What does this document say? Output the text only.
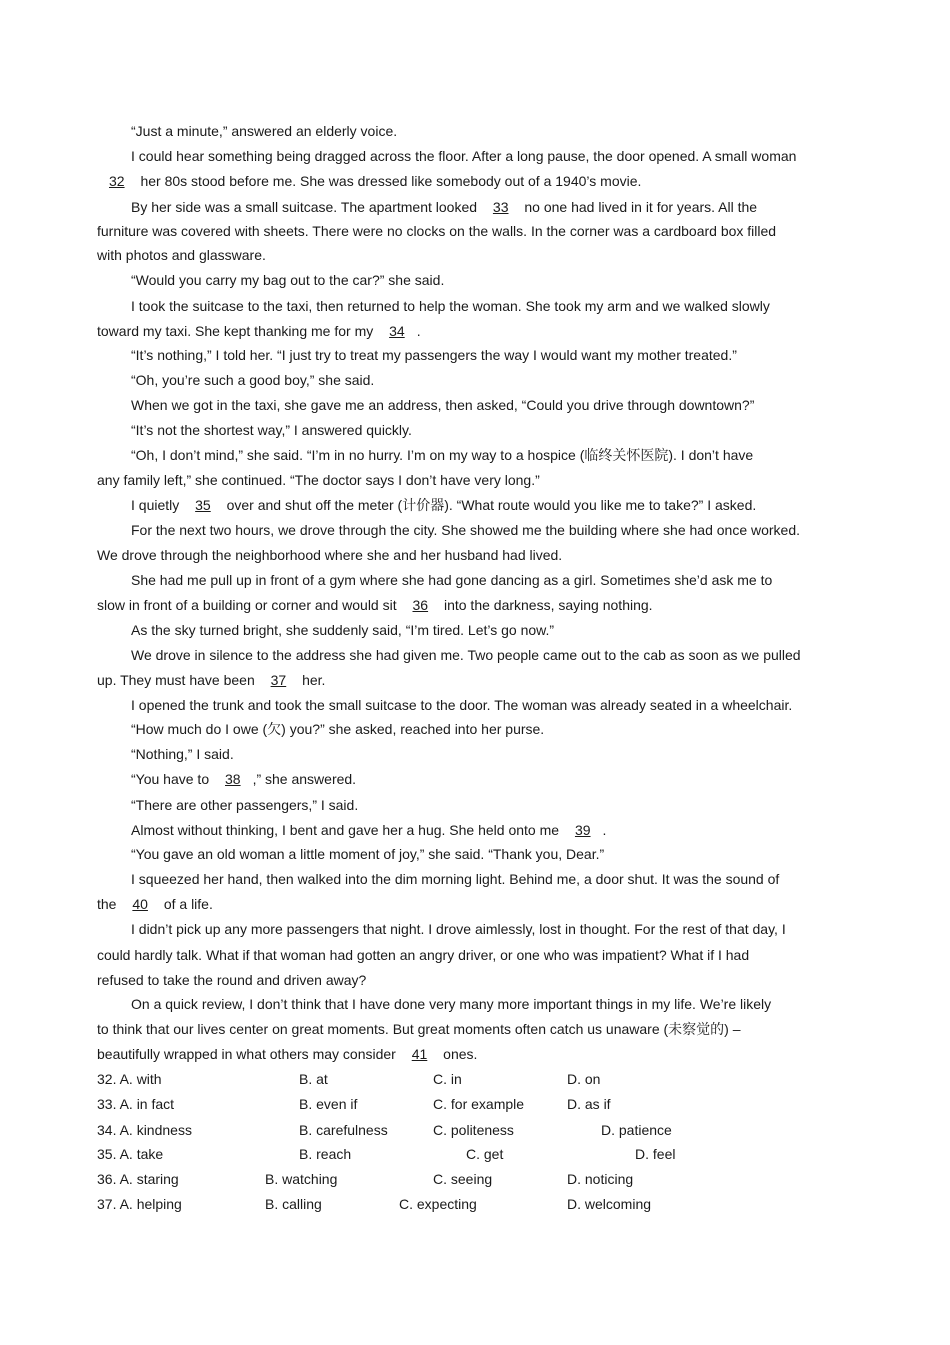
“Just a minute,” answered an elderly voice.
I could hear something being dragged across the floor. After a long pause, the door opened. A small woman
32 her 80s stood before me. She was dressed like somebody out of a 1940’s movie.
By her side was a small suitcase. The apartment looked 33 no one had lived in it for years. All the
furniture was covered with sheets. There were no clocks on the walls. In the corner was a cardboard box filled
with photos and glassware.
“Would you carry my bag out to the car?” she said.
I took the suitcase to the taxi, then returned to help the woman. She took my arm and we walked slowly
toward my taxi. She kept thanking me for my 34 .
“It’s nothing,” I told her. “I just try to treat my passengers the way I would want my mother treated.”
“Oh, you’re such a good boy,” she said.
When we got in the taxi, she gave me an address, then asked, “Could you drive through downtown?”
“It’s not the shortest way,” I answered quickly.
“Oh, I don’t mind,” she said. “I’m in no hurry. I’m on my way to a hospice (临终关怀医院). I don’t have
any family left,” she continued. “The doctor says I don’t have very long.”
I quietly 35 over and shut off the meter (计价器). “What route would you like me to take?” I asked.
For the next two hours, we drove through the city. She showed me the building where she had once worked.
We drove through the neighborhood where she and her husband had lived.
She had me pull up in front of a gym where she had gone dancing as a girl. Sometimes she’d ask me to
slow in front of a building or corner and would sit 36 into the darkness, saying nothing.
As the sky turned bright, she suddenly said, “I’m tired. Let’s go now.”
We drove in silence to the address she had given me. Two people came out to the cab as soon as we pulled
up. They must have been 37 her.
I opened the trunk and took the small suitcase to the door. The woman was already seated in a wheelchair.
“How much do I owe (欠) you?” she asked, reached into her purse.
“Nothing,” I said.
“You have to 38 ,” she answered.
“There are other passengers,” I said.
Almost without thinking, I bent and gave her a hug. She held onto me 39 .
“You gave an old woman a little moment of joy,” she said. “Thank you, Dear.”
I squeezed her hand, then walked into the dim morning light. Behind me, a door shut. It was the sound of
the 40 of a life.
I didn’t pick up any more passengers that night. I drove aimlessly, lost in thought. For the rest of that day, I
could hardly talk. What if that woman had gotten an angry driver, or one who was impatient? What if I had
refused to take the round and driven away?
On a quick review, I don’t think that I have done very many more important things in my life. We’re likely
to think that our lives center on great moments. But great moments often catch us unaware (未察觉的) –
beautifully wrapped in what others may consider 41 ones.
32. A. with	B. at	C. in	D. on
33. A. in fact	B. even if	C. for example	D. as if
34. A. kindness	B. carefulness	C. politeness	D. patience
35. A. take	B. reach	C. get	D. feel
36. A. staring	B. watching	C. seeing	D. noticing
37. A. helping	B. calling	C. expecting	D. welcoming
